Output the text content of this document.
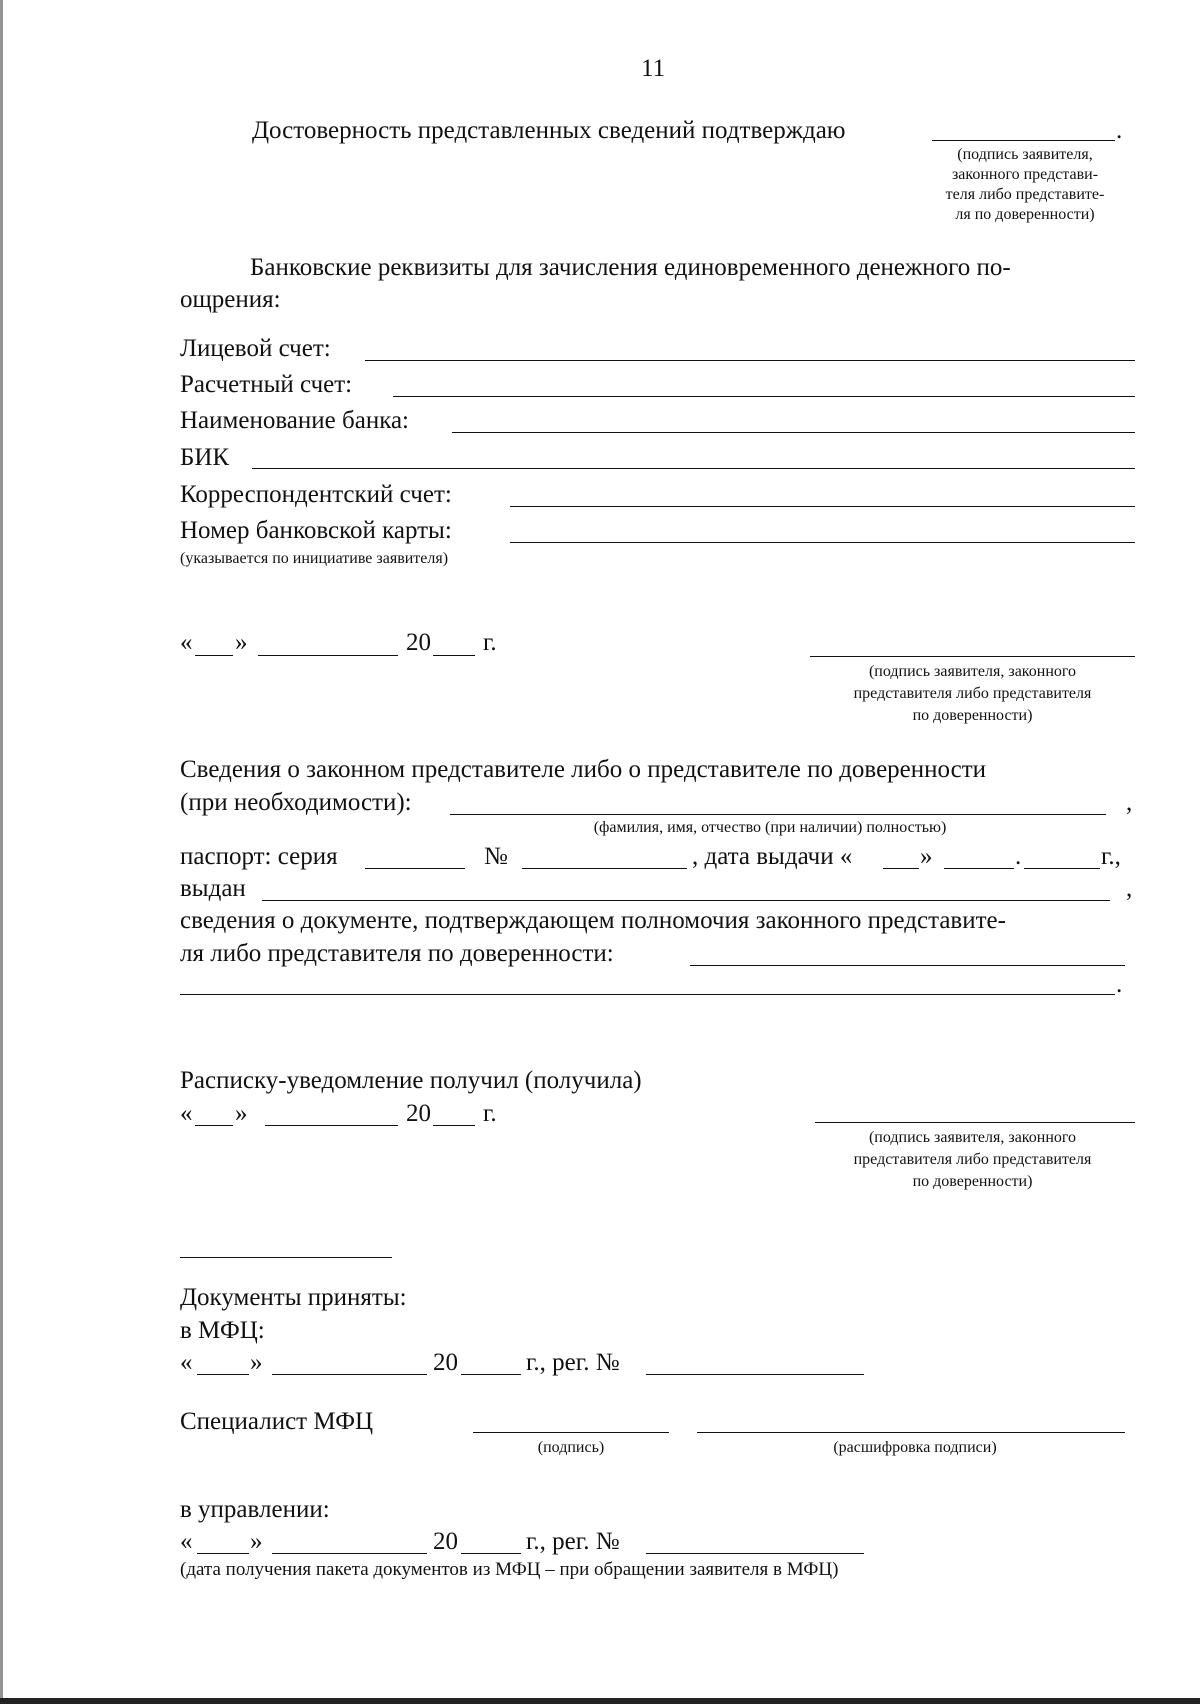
11
Достоверность представленных сведений подтверждаю	.
(подпись заявителя,
законного представи-
теля либо представите-
ля по доверенности)
Банковские реквизиты для зачисления единовременного денежного по-
ощрения:
Лицевой счет:
Расчетный счет:
Наименование банка:
БИК
Корреспондентский счет:
Номер банковской карты:
(указывается по инициативе заявителя)
« »	20 г.
(подпись заявителя, законного
представителя либо представителя
по доверенности)
Сведения о законном представителе либо о представителе по доверенности
(при необходимости):	,
(фамилия, имя, отчество (при наличии) полностью)
паспорт: серия	№	, дата выдачи «	»	.	г.,
выдан	,
сведения о документе, подтверждающем полномочия законного представите-
ля либо представителя по доверенности:
.
Расписку-уведомление получил (получила)
« »	20 г.
(подпись заявителя, законного
представителя либо представителя
по доверенности)
Документы приняты:
в МФЦ:
« »	20	г., рег. №
Специалист МФЦ
(подпись)	(расшифровка подписи)
в управлении:
« »	20	г., рег. №
(дата получения пакета документов из МФЦ – при обращении заявителя в МФЦ)
